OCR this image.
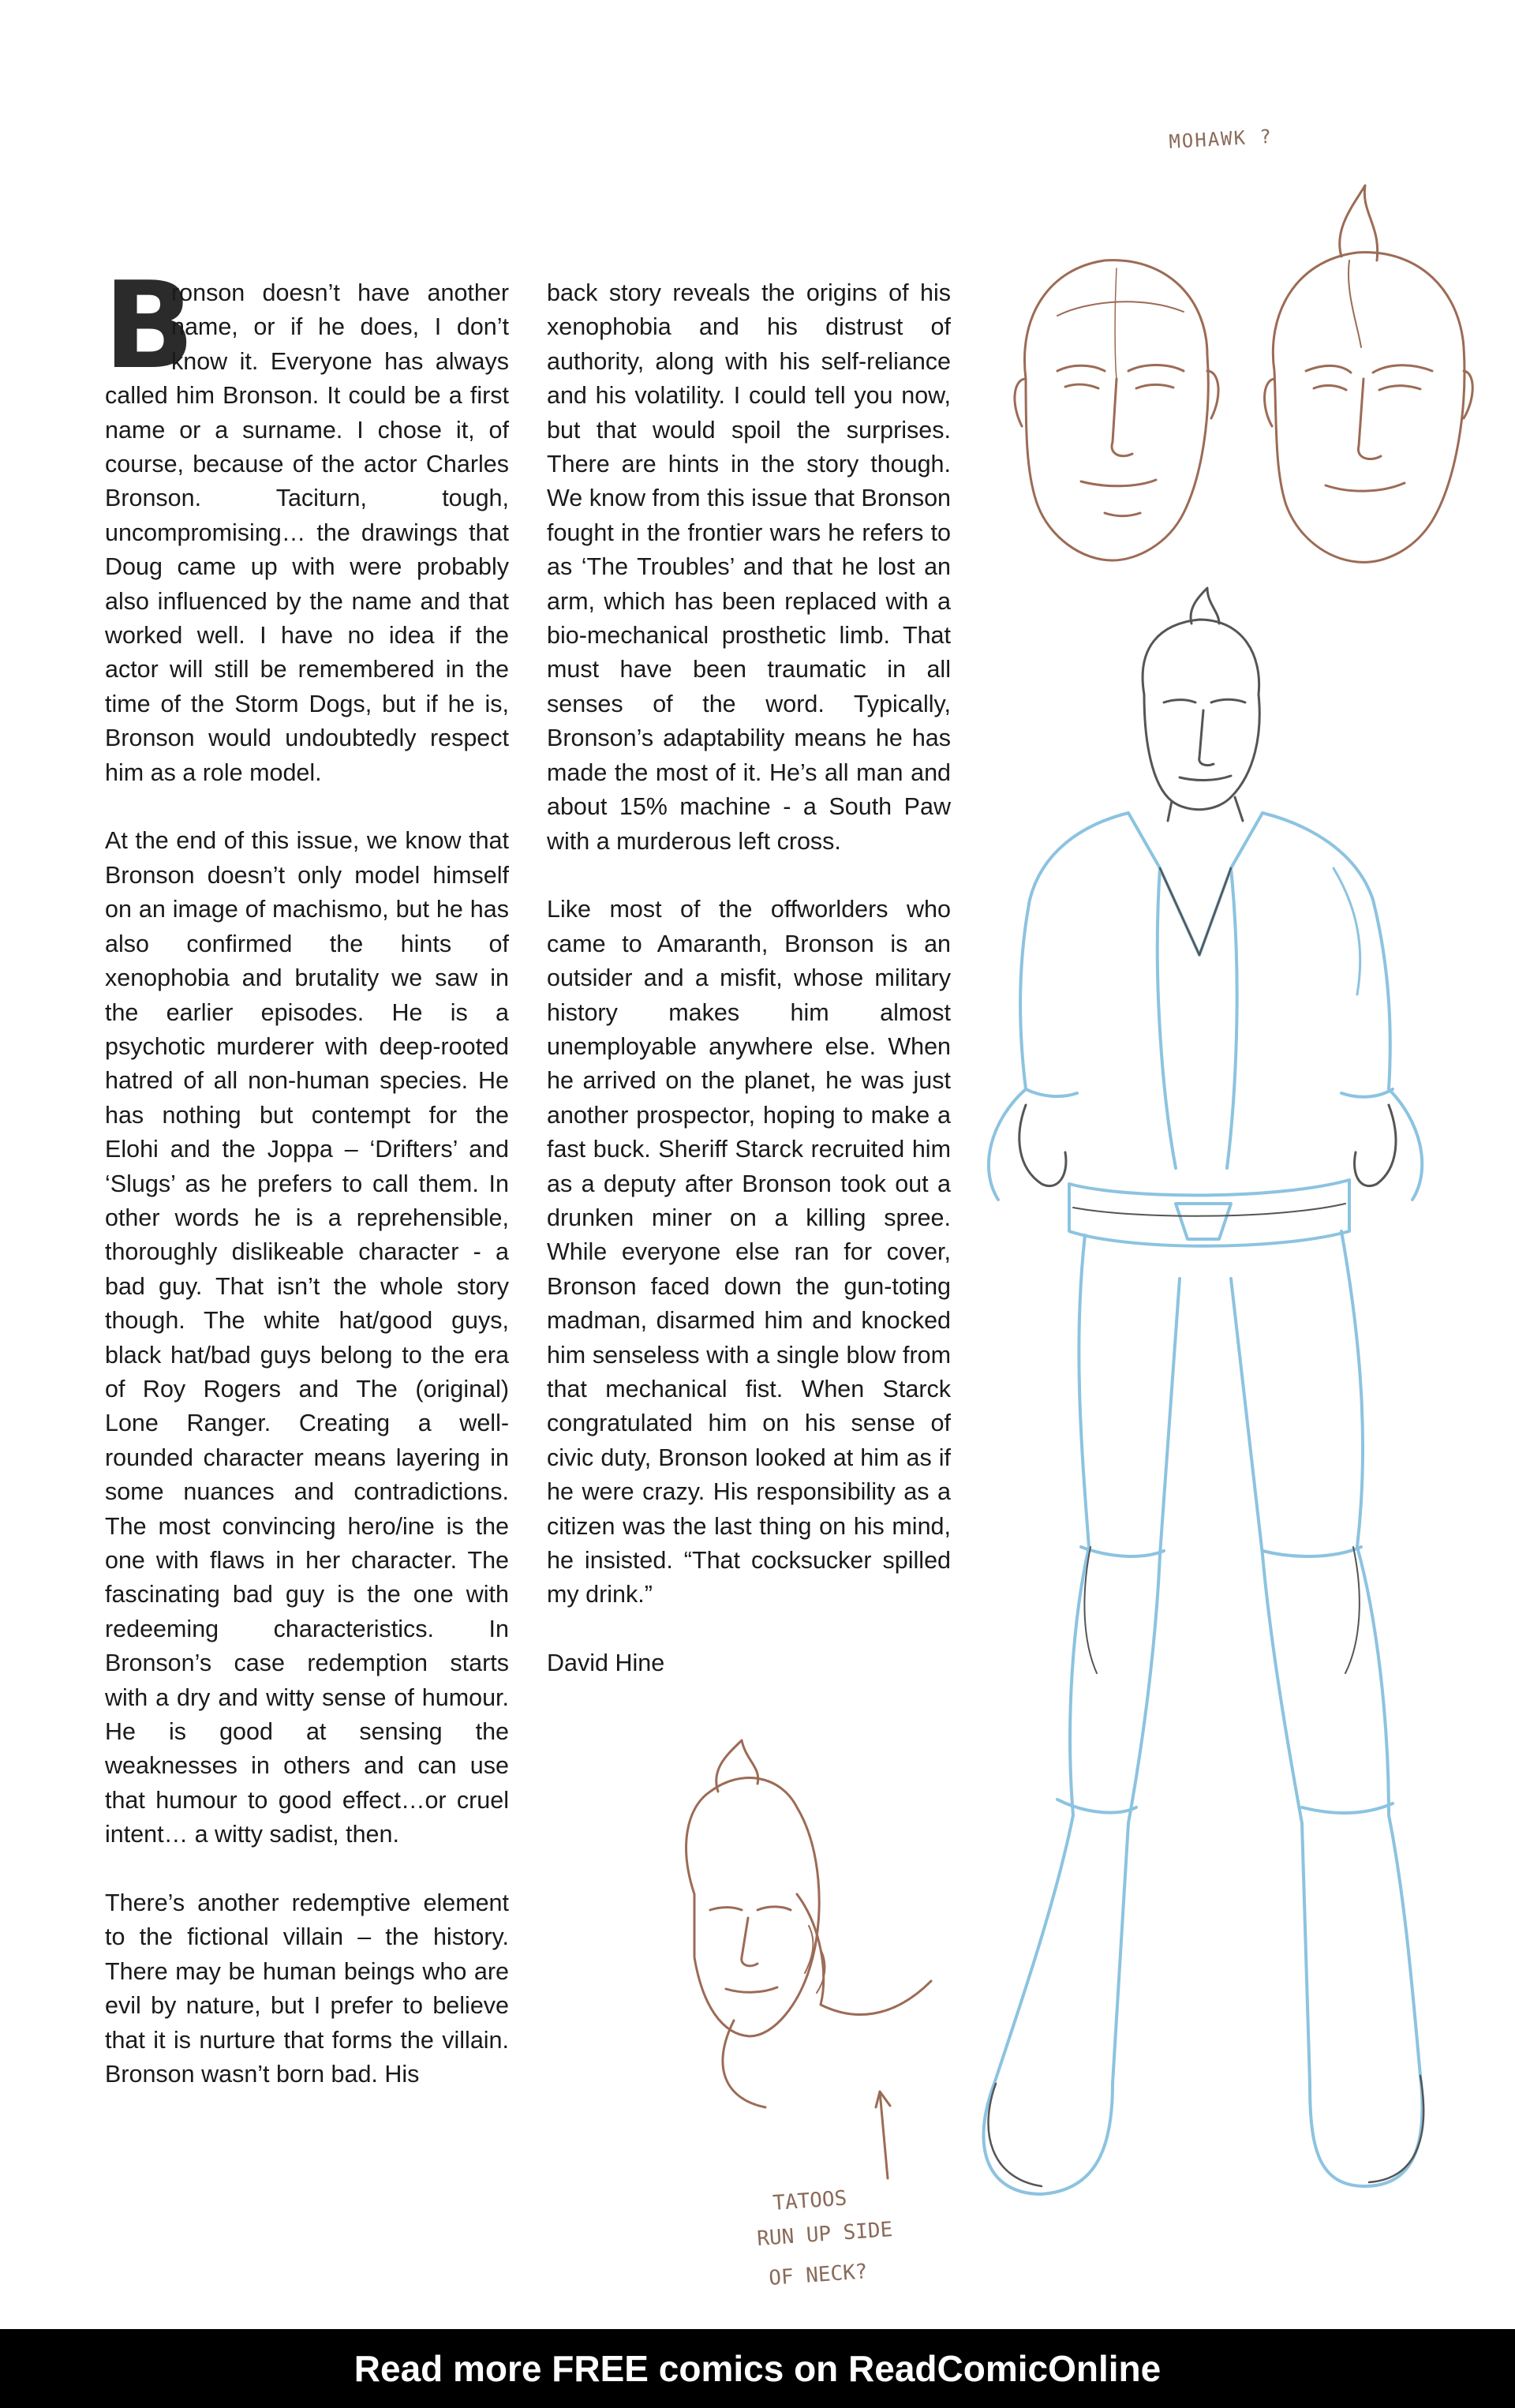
B
ronson doesn’t have another name, or if he does, I don’t know it. Everyone has always called him Bronson. It could be a first name or a surname. I chose it, of course, because of the actor Charles Bronson. Taciturn, tough, uncompromising… the drawings that Doug came up with were probably also influenced by the name and that worked well. I have no idea if the actor will still be remembered in the time of the Storm Dogs, but if he is, Bronson would undoubtedly respect him as a role model.

At the end of this issue, we know that Bronson doesn’t only model himself on an image of machismo, but he has also confirmed the hints of xenophobia and brutality we saw in the earlier episodes. He is a psychotic murderer with deep-rooted hatred of all non-human species. He has nothing but contempt for the Elohi and the Joppa – ‘Drifters’ and ‘Slugs’ as he prefers to call them. In other words he is a reprehensible, thoroughly dislikeable character - a bad guy. That isn’t the whole story though. The white hat/good guys, black hat/bad guys belong to the era of Roy Rogers and The (original) Lone Ranger. Creating a well-rounded character means layering in some nuances and contradictions. The most convincing hero/ine is the one with flaws in her character. The fascinating bad guy is the one with redeeming characteristics. In Bronson’s case redemption starts with a dry and witty sense of humour. He is good at sensing the weaknesses in others and can use that humour to good effect…or cruel intent… a witty sadist, then.

There’s another redemptive element to the fictional villain – the history. There may be human beings who are evil by nature, but I prefer to believe that it is nurture that forms the villain. Bronson wasn’t born bad. His

back story reveals the origins of his xenophobia and his distrust of authority, along with his self-reliance and his volatility. I could tell you now, but that would spoil the surprises. There are hints in the story though. We know from this issue that Bronson fought in the frontier wars he refers to as ‘The Troubles’ and that he lost an arm, which has been replaced with a bio-mechanical prosthetic limb. That must have been traumatic in all senses of the word. Typically, Bronson’s adaptability means he has made the most of it. He’s all man and about 15% machine - a South Paw with a murderous left cross.

Like most of the offworlders who came to Amaranth, Bronson is an outsider and a misfit, whose military history makes him almost unemployable anywhere else. When he arrived on the planet, he was just another prospector, hoping to make a fast buck. Sheriff Starck recruited him as a deputy after Bronson took out a drunken miner on a killing spree. While everyone else ran for cover, Bronson faced down the gun-toting madman, disarmed him and knocked him senseless with a single blow from that mechanical fist. When Starck congratulated him on his sense of civic duty, Bronson looked at him as if he were crazy. His responsibility as a citizen was the last thing on his mind, he insisted. “That cocksucker spilled my drink.”

David Hine

MOHAWK ?
TATOOS
RUN UP SIDE
OF NECK?
Read more FREE comics on ReadComicOnline
